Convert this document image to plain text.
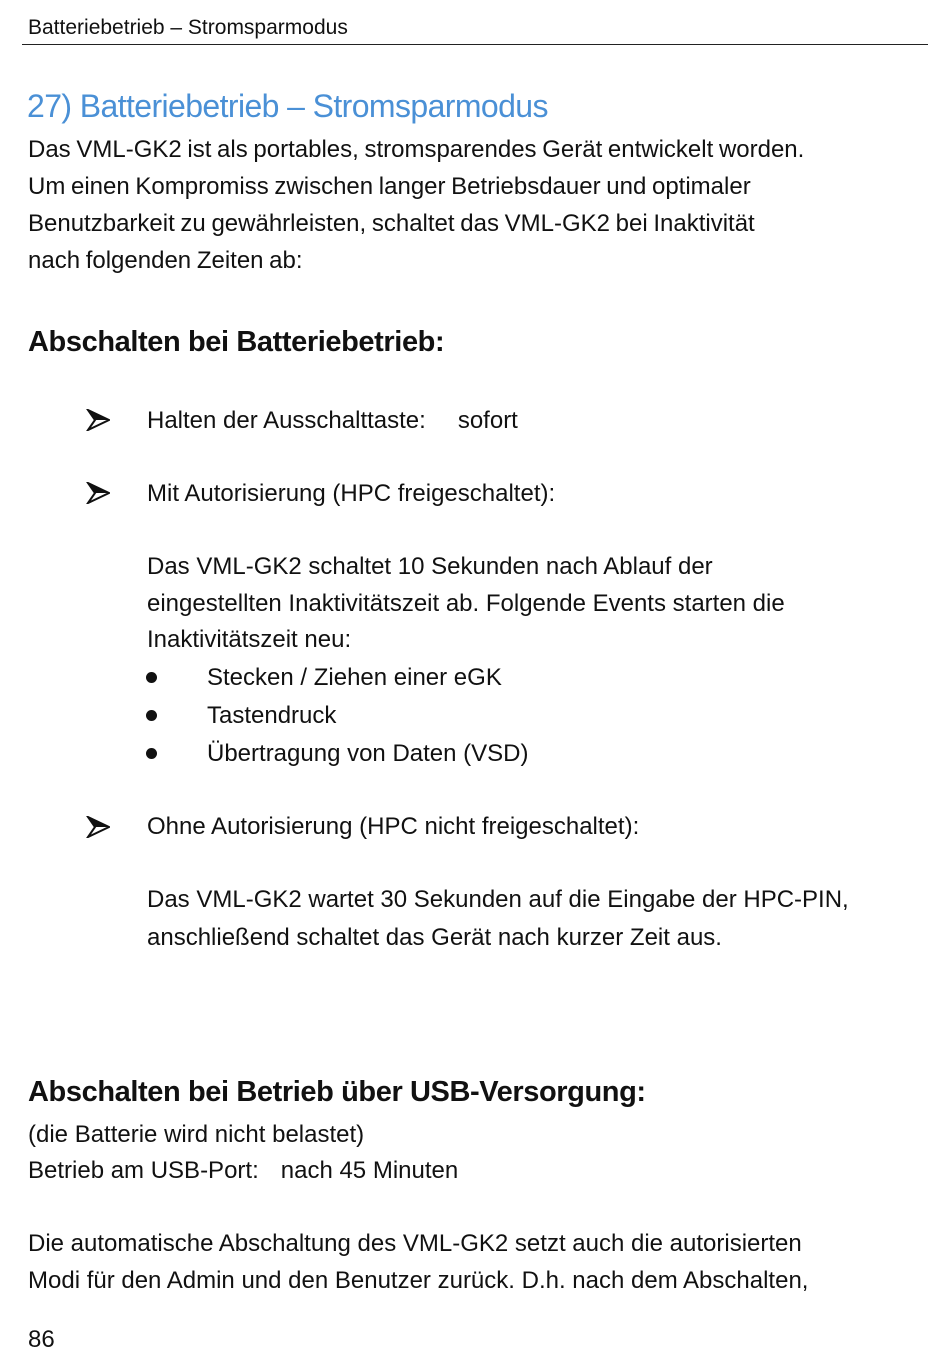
Batteriebetrieb – Stromsparmodus
27) Batteriebetrieb – Stromsparmodus
Das VML-GK2 ist als portables, stromsparendes Gerät entwickelt worden.
Um einen Kompromiss zwischen langer Betriebsdauer und optimaler
Benutzbarkeit zu gewährleisten, schaltet das VML-GK2 bei Inaktivität
nach folgenden Zeiten ab:
Abschalten bei Batteriebetrieb:
Halten der Ausschalttaste: sofort
Mit Autorisierung (HPC freigeschaltet):
Das VML-GK2 schaltet 10 Sekunden nach Ablauf der
eingestellten Inaktivitätszeit ab. Folgende Events starten die
Inaktivitätszeit neu:
Stecken / Ziehen einer eGK
Tastendruck
Übertragung von Daten (VSD)
Ohne Autorisierung (HPC nicht freigeschaltet):
Das VML-GK2 wartet 30 Sekunden auf die Eingabe der HPC-PIN,
anschließend schaltet das Gerät nach kurzer Zeit aus.
Abschalten bei Betrieb über USB-Versorgung:
(die Batterie wird nicht belastet)
Betrieb am USB-Port: nach 45 Minuten
Die automatische Abschaltung des VML-GK2 setzt auch die autorisierten
Modi für den Admin und den Benutzer zurück. D.h. nach dem Abschalten,
86
